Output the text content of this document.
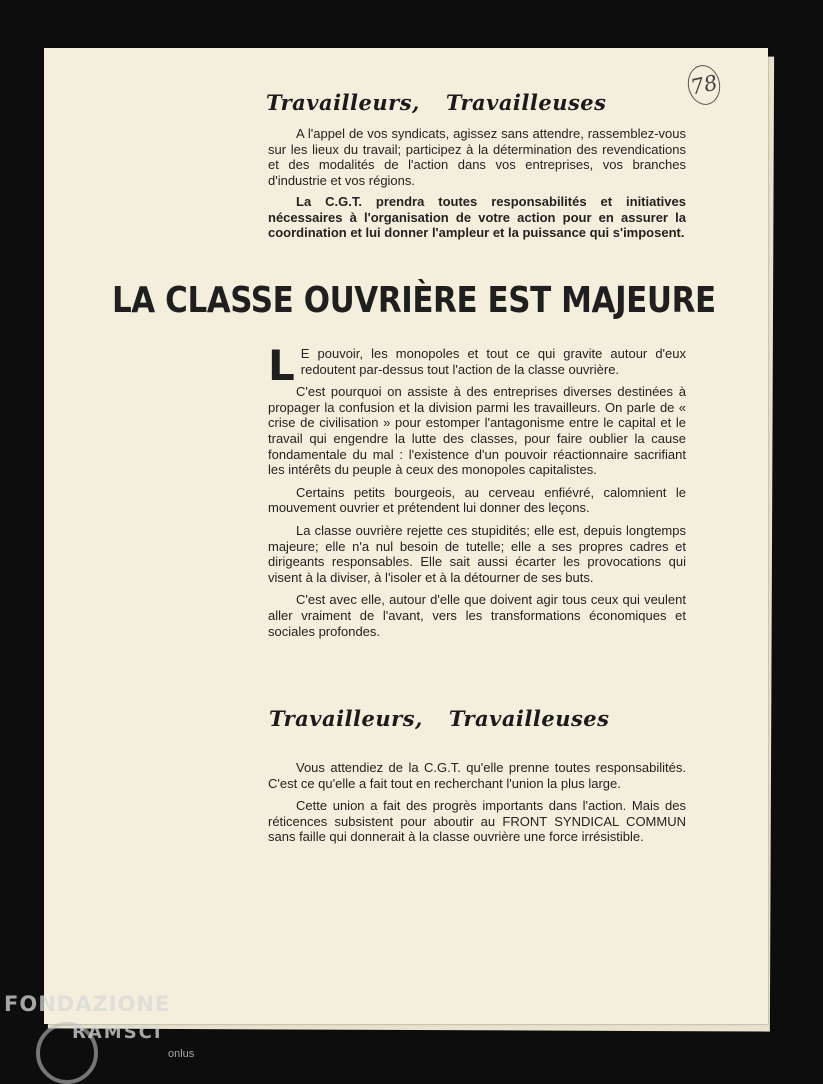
78
Travailleurs, Travailleuses

A l'appel de vos syndicats, agissez sans attendre, rassemblez-vous sur les lieux du travail; participez à la détermination des revendications et des modalités de l'action dans vos entreprises, vos branches d'industrie et vos régions.

La C.G.T. prendra toutes responsabilités et initiatives nécessaires à l'organisation de votre action pour en assurer la coordination et lui donner l'ampleur et la puissance qui s'imposent.

LA CLASSE OUVRIÈRE EST MAJEURE

L E pouvoir, les monopoles et tout ce qui gravite autour d'eux redoutent par-dessus tout l'action de la classe ouvrière.

C'est pourquoi on assiste à des entreprises diverses destinées à propager la confusion et la division parmi les travailleurs. On parle de « crise de civilisation » pour estomper l'antagonisme entre le capital et le travail qui engendre la lutte des classes, pour faire oublier la cause fondamentale du mal : l'existence d'un pouvoir réactionnaire sacrifiant les intérêts du peuple à ceux des monopoles capitalistes.

Certains petits bourgeois, au cerveau enfiévré, calomnient le mouvement ouvrier et prétendent lui donner des leçons.

La classe ouvrière rejette ces stupidités; elle est, depuis longtemps majeure; elle n'a nul besoin de tutelle; elle a ses propres cadres et dirigeants responsables. Elle sait aussi écarter les provocations qui visent à la diviser, à l'isoler et à la détourner de ses buts.

C'est avec elle, autour d'elle que doivent agir tous ceux qui veulent aller vraiment de l'avant, vers les transformations économiques et sociales profondes.

Travailleurs, Travailleuses

Vous attendiez de la C.G.T. qu'elle prenne toutes responsabilités. C'est ce qu'elle a fait tout en recherchant l'union la plus large.

Cette union a fait des progrès importants dans l'action. Mais des réticences subsistent pour aboutir au FRONT SYNDICAL COMMUN sans faille qui donnerait à la classe ouvrière une force irrésistible.

FONDAZIONE
RAMSCI
onlus
